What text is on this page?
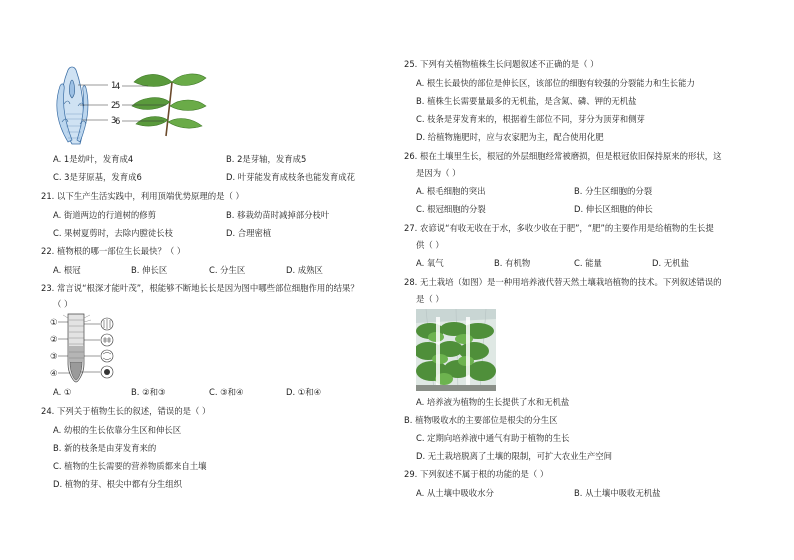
1
2
3
4
5
6
A. 1是幼叶，发育成4	B. 2是芽轴，发育成5
C. 3是芽原基，发育成6	D. 叶芽能发育成枝条也能发育成花
21. 以下生产生活实践中，利用顶端优势原理的是（ ）
A. 街道两边的行道树的修剪	B. 移栽幼苗时减掉部分枝叶
C. 果树夏剪时，去除内膛徒长枝	D. 合理密植
22. 植物根的哪一部位生长最快？（ ）
A. 根冠	B. 伸长区	C. 分生区	D. 成熟区
23. 常言说“根深才能叶茂”，根能够不断地长长是因为图中哪些部位细胞作用的结果？
（ ）
①
②
③
④
A. ①	B. ②和③	C. ③和④	D. ①和④
24. 下列关于植物生长的叙述，错误的是（ ）
A. 幼根的生长依靠分生区和伸长区
B. 新的枝条是由芽发育来的
C. 植物的生长需要的营养物质都来自土壤
D. 植物的芽、根尖中都有分生组织
25. 下列有关植物植株生长问题叙述不正确的是（ ）
A. 根生长最快的部位是伸长区，该部位的细胞有较强的分裂能力和生长能力
B. 植株生长需要量最多的无机盐，是含氮、磷、钾的无机盐
C. 枝条是芽发育来的，根据着生部位不同，芽分为顶芽和侧芽
D. 给植物施肥时，应与农家肥为主，配合使用化肥
26. 根在土壤里生长，根冠的外层细胞经常被磨损，但是根冠依旧保持原来的形状，这
是因为（ ）
A. 根毛细胞的突出	B. 分生区细胞的分裂
C. 根冠细胞的分裂	D. 伸长区细胞的伸长
27. 农谚说“有收无收在于水，多收少收在于肥”，“肥”的主要作用是给植物的生长提
供（ ）
A. 氧气	B. 有机物	C. 能量	D. 无机盐
28. 无土栽培（如图）是一种用培养液代替天然土壤栽培植物的技术。下列叙述错误的
是（ ）
A. 培养液为植物的生长提供了水和无机盐
B. 植物吸收水的主要部位是根尖的分生区
C. 定期向培养液中通气有助于植物的生长
D. 无土栽培脱离了土壤的限制，可扩大农业生产空间
29. 下列叙述不属于根的功能的是（ ）
A. 从土壤中吸收水分	B. 从土壤中吸收无机盐
